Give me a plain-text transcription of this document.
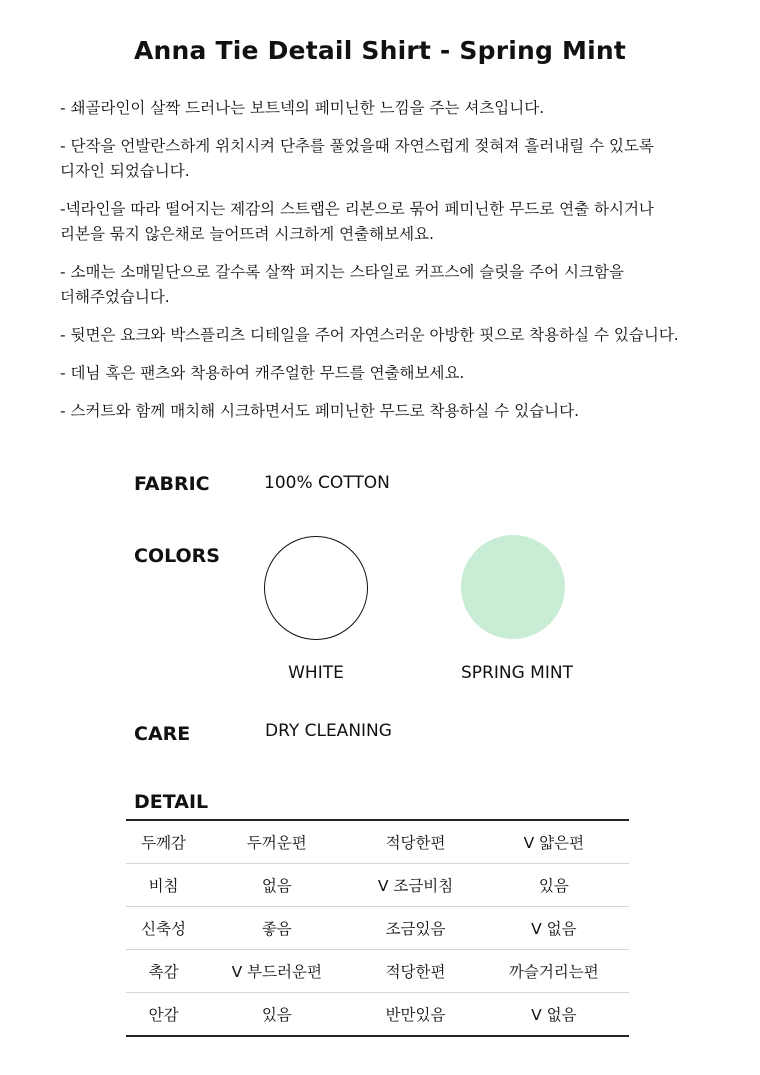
Anna Tie Detail Shirt - Spring Mint

- 쇄골라인이 살짝 드러나는 보트넥의 페미닌한 느낌을 주는 셔츠입니다.

- 단작을 언발란스하게 위치시켜 단추를 풀었을때 자연스럽게 젖혀져 흘러내릴 수 있도록
디자인 되었습니다.

-넥라인을 따라 떨어지는 제감의 스트랩은 리본으로 묶어 페미닌한 무드로 연출 하시거나
리본을 묶지 않은채로 늘어뜨려 시크하게 연출해보세요.

- 소매는 소매밑단으로 갈수록 살짝 퍼지는 스타일로 커프스에 슬릿을 주어 시크함을
더해주었습니다.

- 뒷면은 요크와 박스플리츠 디테일을 주어 자연스러운 아방한 핏으로 착용하실 수 있습니다.

- 데님 혹은 팬츠와 착용하여 캐주얼한 무드를 연출해보세요.

- 스커트와 함께 매치해 시크하면서도 페미닌한 무드로 착용하실 수 있습니다.

FABRIC	100% COTTON
COLORS
WHITE	SPRING MINT
CARE	DRY CLEANING
DETAIL
두께감	두꺼운편	적당한편	V 얇은편
비침	없음	V 조금비침	있음
신축성	좋음	조금있음	V 없음
촉감	V 부드러운편	적당한편	까슬거리는편
안감	있음	반만있음	V 없음
